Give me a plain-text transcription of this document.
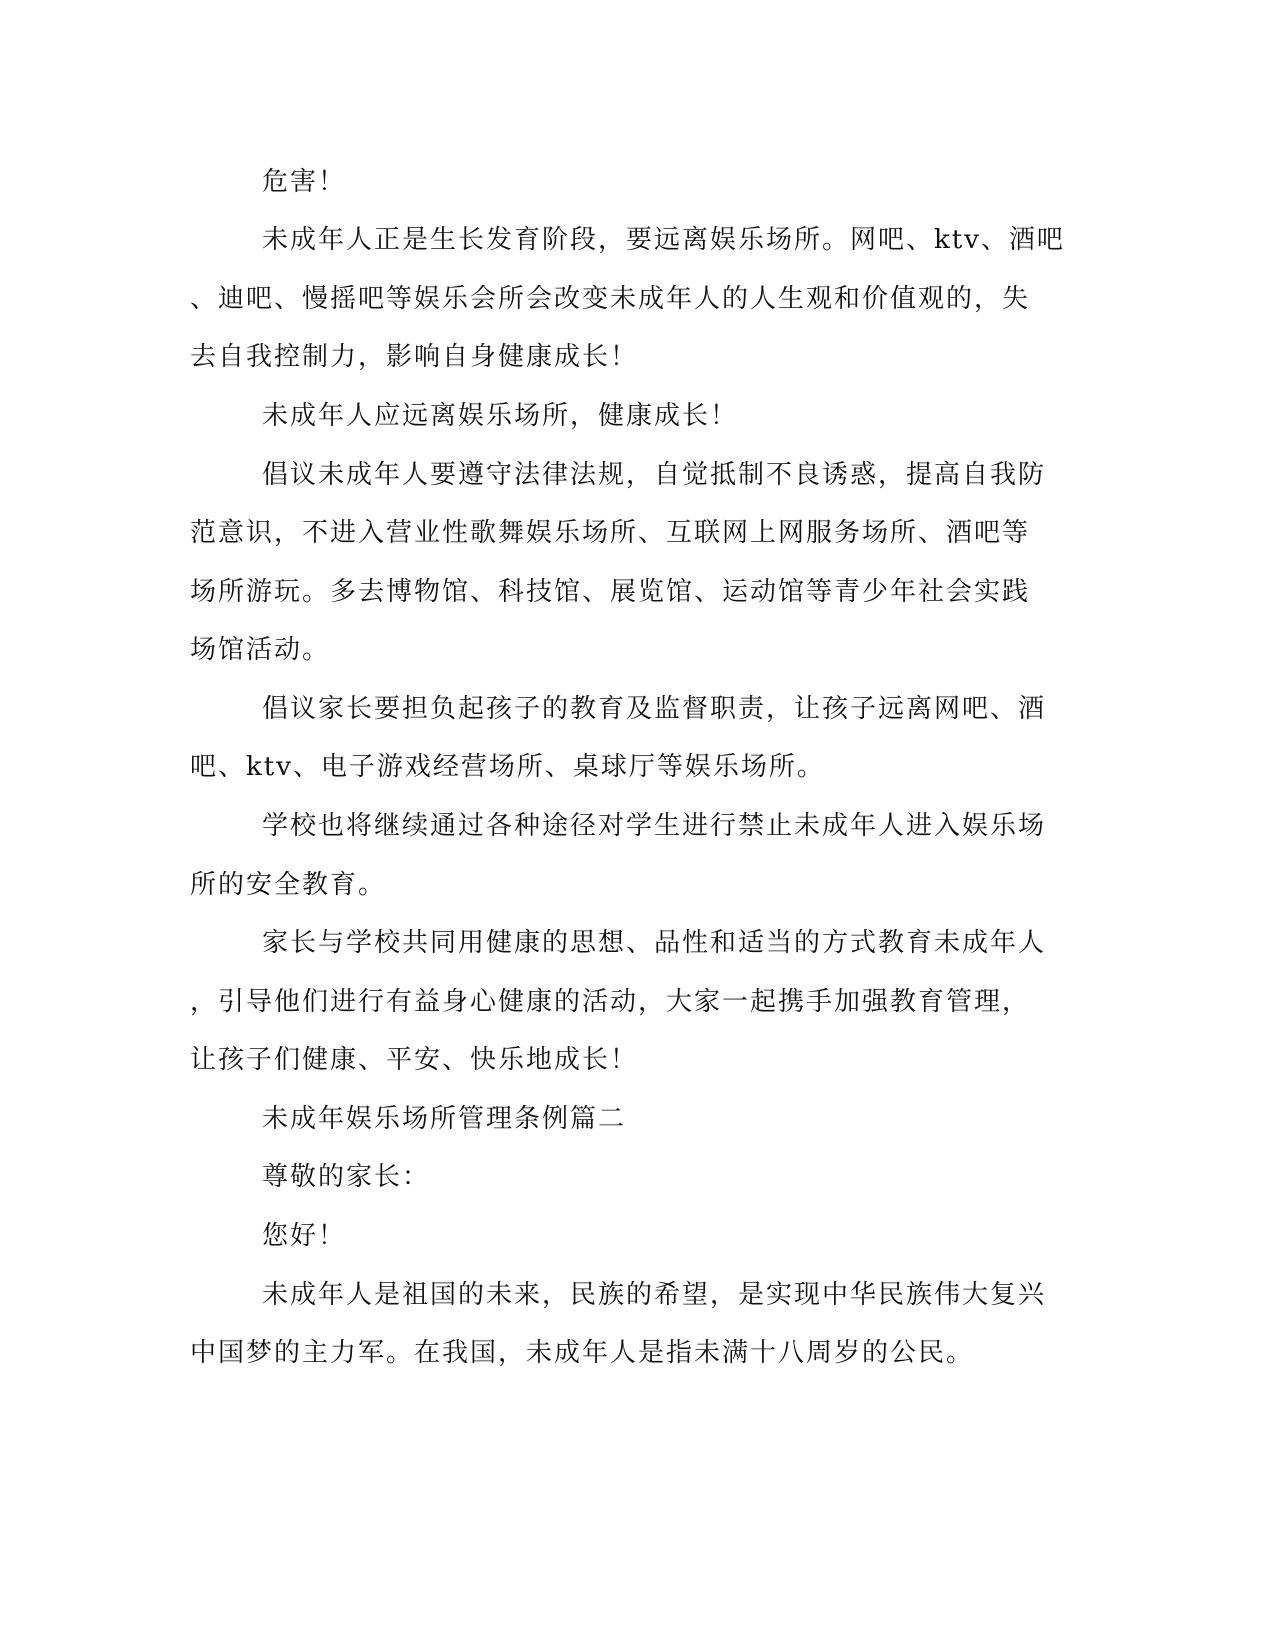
危害！
未成年人正是生长发育阶段，要远离娱乐场所。网吧、ktv、酒吧
、迪吧、慢摇吧等娱乐会所会改变未成年人的人生观和价值观的，失
去自我控制力，影响自身健康成长！
未成年人应远离娱乐场所，健康成长！
倡议未成年人要遵守法律法规，自觉抵制不良诱惑，提高自我防
范意识，不进入营业性歌舞娱乐场所、互联网上网服务场所、酒吧等
场所游玩。多去博物馆、科技馆、展览馆、运动馆等青少年社会实践
场馆活动。
倡议家长要担负起孩子的教育及监督职责，让孩子远离网吧、酒
吧、ktv、电子游戏经营场所、桌球厅等娱乐场所。
学校也将继续通过各种途径对学生进行禁止未成年人进入娱乐场
所的安全教育。
家长与学校共同用健康的思想、品性和适当的方式教育未成年人
，引导他们进行有益身心健康的活动，大家一起携手加强教育管理，
让孩子们健康、平安、快乐地成长！
未成年娱乐场所管理条例篇二
尊敬的家长：
您好！
未成年人是祖国的未来，民族的希望，是实现中华民族伟大复兴
中国梦的主力军。在我国，未成年人是指未满十八周岁的公民。
